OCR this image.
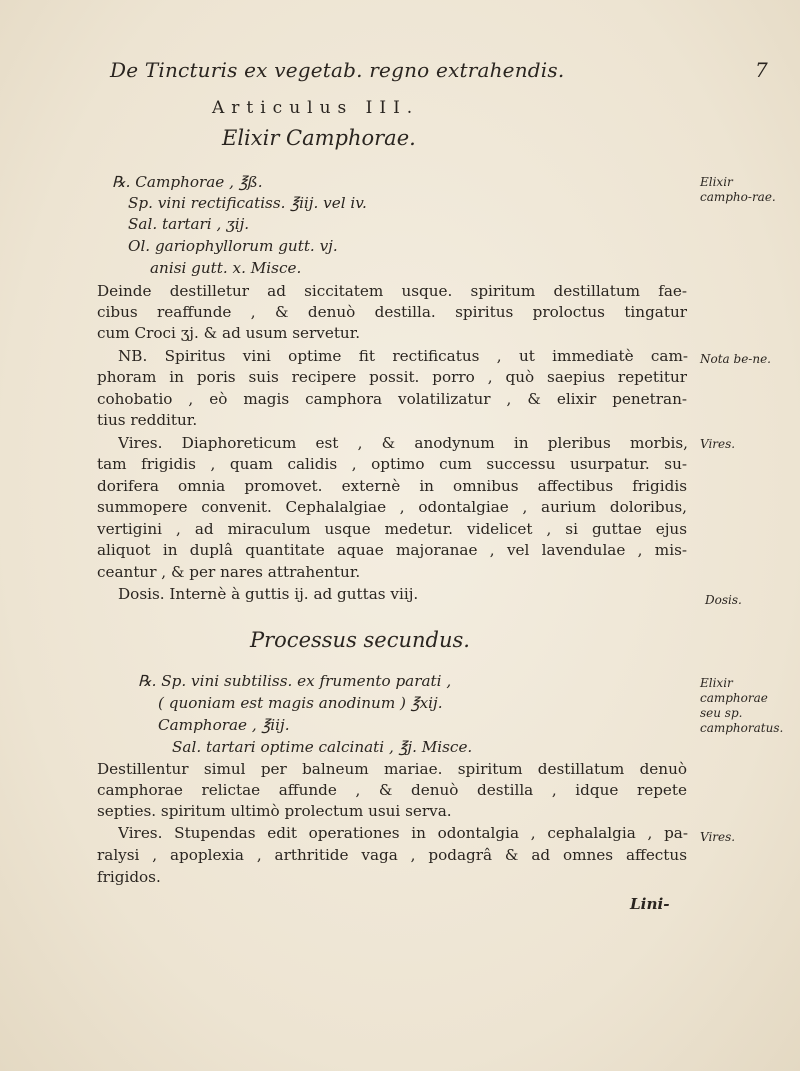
De Tincturis ex vegetab. regno extrahendis.	7
Articulus III.
Elixir Camphorae.
℞. Camphorae , ℥ß.
Sp. vini rectificatiss. ℥iij. vel iv.
Sal. tartari , ʒij.
Ol. gariophyllorum gutt. vj.
anisi gutt. x. Misce.
Elixir campho-rae.
Deinde destilletur ad siccitatem usque. spiritum destillatum fae-
cibus reaffunde , & denuò destilla. spiritus proloctus tingatur
cum Croci ʒj. & ad usum servetur.
NB. Spiritus vini optime fit rectificatus , ut immediatè cam-
phoram in poris suis recipere possit. porro , quò saepius repetitur
cohobatio , eò magis camphora volatilizatur , & elixir penetran-
tius redditur.
Vires. Diaphoreticum est , & anodynum in pleribus morbis,
tam frigidis , quam calidis , optimo cum successu usurpatur. su-
dorifera omnia promovet. externè in omnibus affectibus frigidis
summopere convenit. Cephalalgiae , odontalgiae , aurium doloribus,
vertigini , ad miraculum usque medetur. videlicet , si guttae ejus
aliquot in duplâ quantitate aquae majoranae , vel lavendulae , mis-
ceantur , & per nares attrahentur.
Dosis. Internè à guttis ij. ad guttas viij.
Nota be-ne.
Vires.
Dosis.
Processus secundus.
℞. Sp. vini subtiliss. ex frumento parati ,
( quoniam est magis anodinum ) ℥xij.
Camphorae , ℥iij.
Sal. tartari optime calcinati , ℥j. Misce.
Elixir camphorae seu sp. camphoratus.
Destillentur simul per balneum mariae. spiritum destillatum denuò
camphorae relictae affunde , & denuò destilla , idque repete
septies. spiritum ultimò prolectum usui serva.
Vires. Stupendas edit operationes in odontalgia , cephalalgia , pa-
ralysi , apoplexia , arthritide vaga , podagrâ & ad omnes affectus
frigidos.
Vires.
Lini-
